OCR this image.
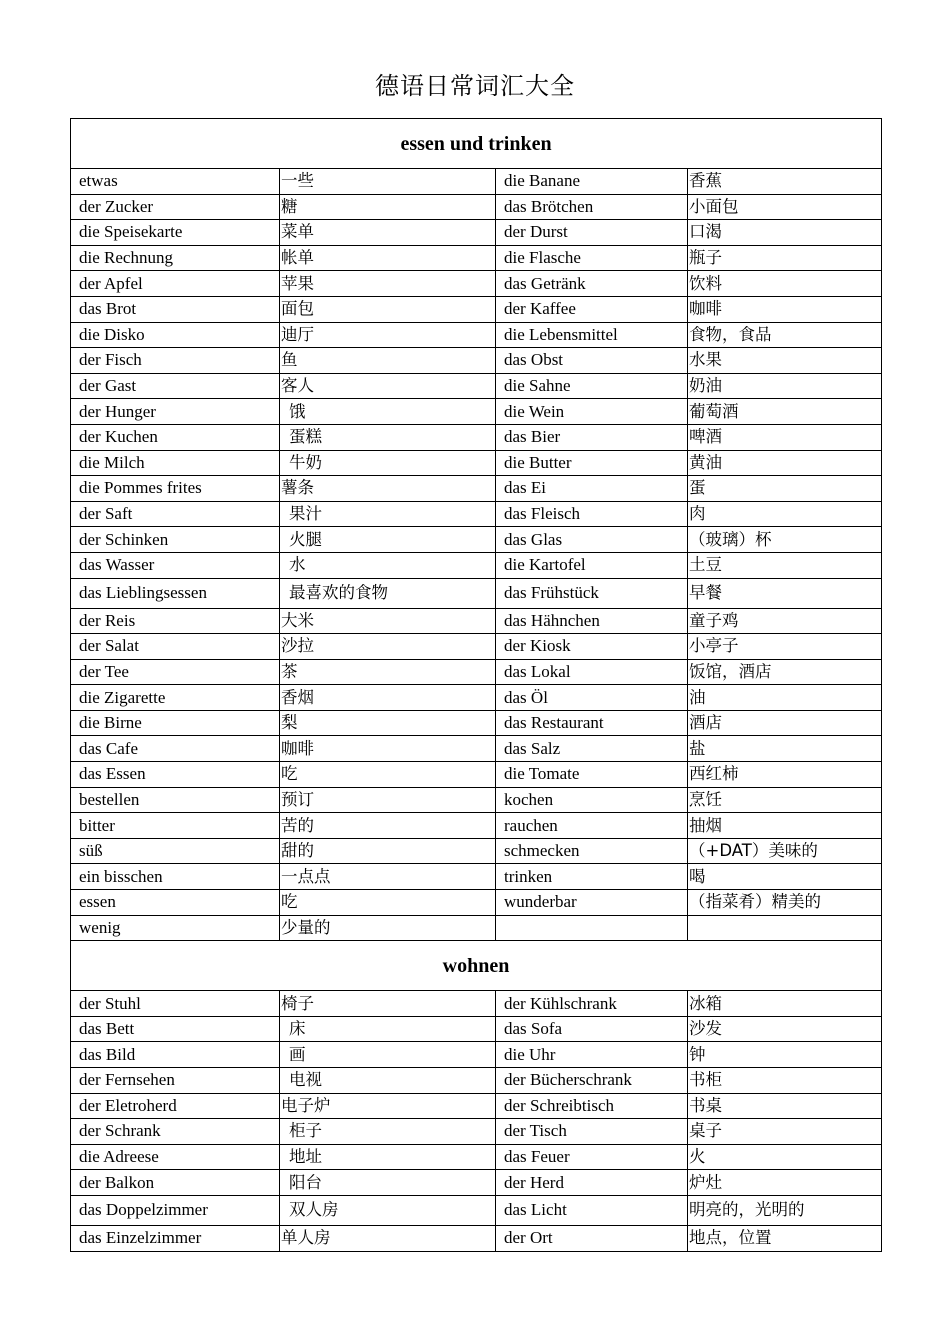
德语日常词汇大全
essen und trinken			
etwas	一些	die Banane	香蕉
der Zucker	糖	das Brötchen	小面包
die Speisekarte	菜单	der Durst	口渴
die Rechnung	帐单	die Flasche	瓶子
der Apfel	苹果	das Getränk	饮料
das Brot	面包	der Kaffee	咖啡
die Disko	迪厅	die Lebensmittel	食物，食品
der Fisch	鱼	das Obst	水果
der Gast	客人	die Sahne	奶油
der Hunger	饿	die Wein	葡萄酒
der Kuchen	蛋糕	das Bier	啤酒
die Milch	牛奶	die Butter	黄油
die Pommes frites	薯条	das Ei	蛋
der Saft	果汁	das Fleisch	肉
der Schinken	火腿	das Glas	（玻璃）杯
das Wasser	水	die Kartofel	土豆
das Lieblingsessen	最喜欢的食物	das Frühstück	早餐
der Reis	大米	das Hähnchen	童子鸡
der Salat	沙拉	der Kiosk	小亭子
der Tee	茶	das Lokal	饭馆，酒店
die Zigarette	香烟	das Öl	油
die Birne	梨	das Restaurant	酒店
das Cafe	咖啡	das Salz	盐
das Essen	吃	die Tomate	西红柿
bestellen	预订	kochen	烹饪
bitter	苦的	rauchen	抽烟
süß	甜的	schmecken	（+DAT）美味的
ein bisschen	一点点	trinken	喝
essen	吃	wunderbar	（指菜肴）精美的
wenig	少量的		
wohnen			
der Stuhl	椅子	der Kühlschrank	冰箱
das Bett	床	das Sofa	沙发
das Bild	画	die Uhr	钟
der Fernsehen	电视	der Bücherschrank	书柜
der Eletroherd	电子炉	der Schreibtisch	书桌
der Schrank	柜子	der Tisch	桌子
die Adreese	地址	das Feuer	火
der Balkon	阳台	der Herd	炉灶
das Doppelzimmer	双人房	das Licht	明亮的，光明的
das Einzelzimmer	单人房	der Ort	地点，位置
